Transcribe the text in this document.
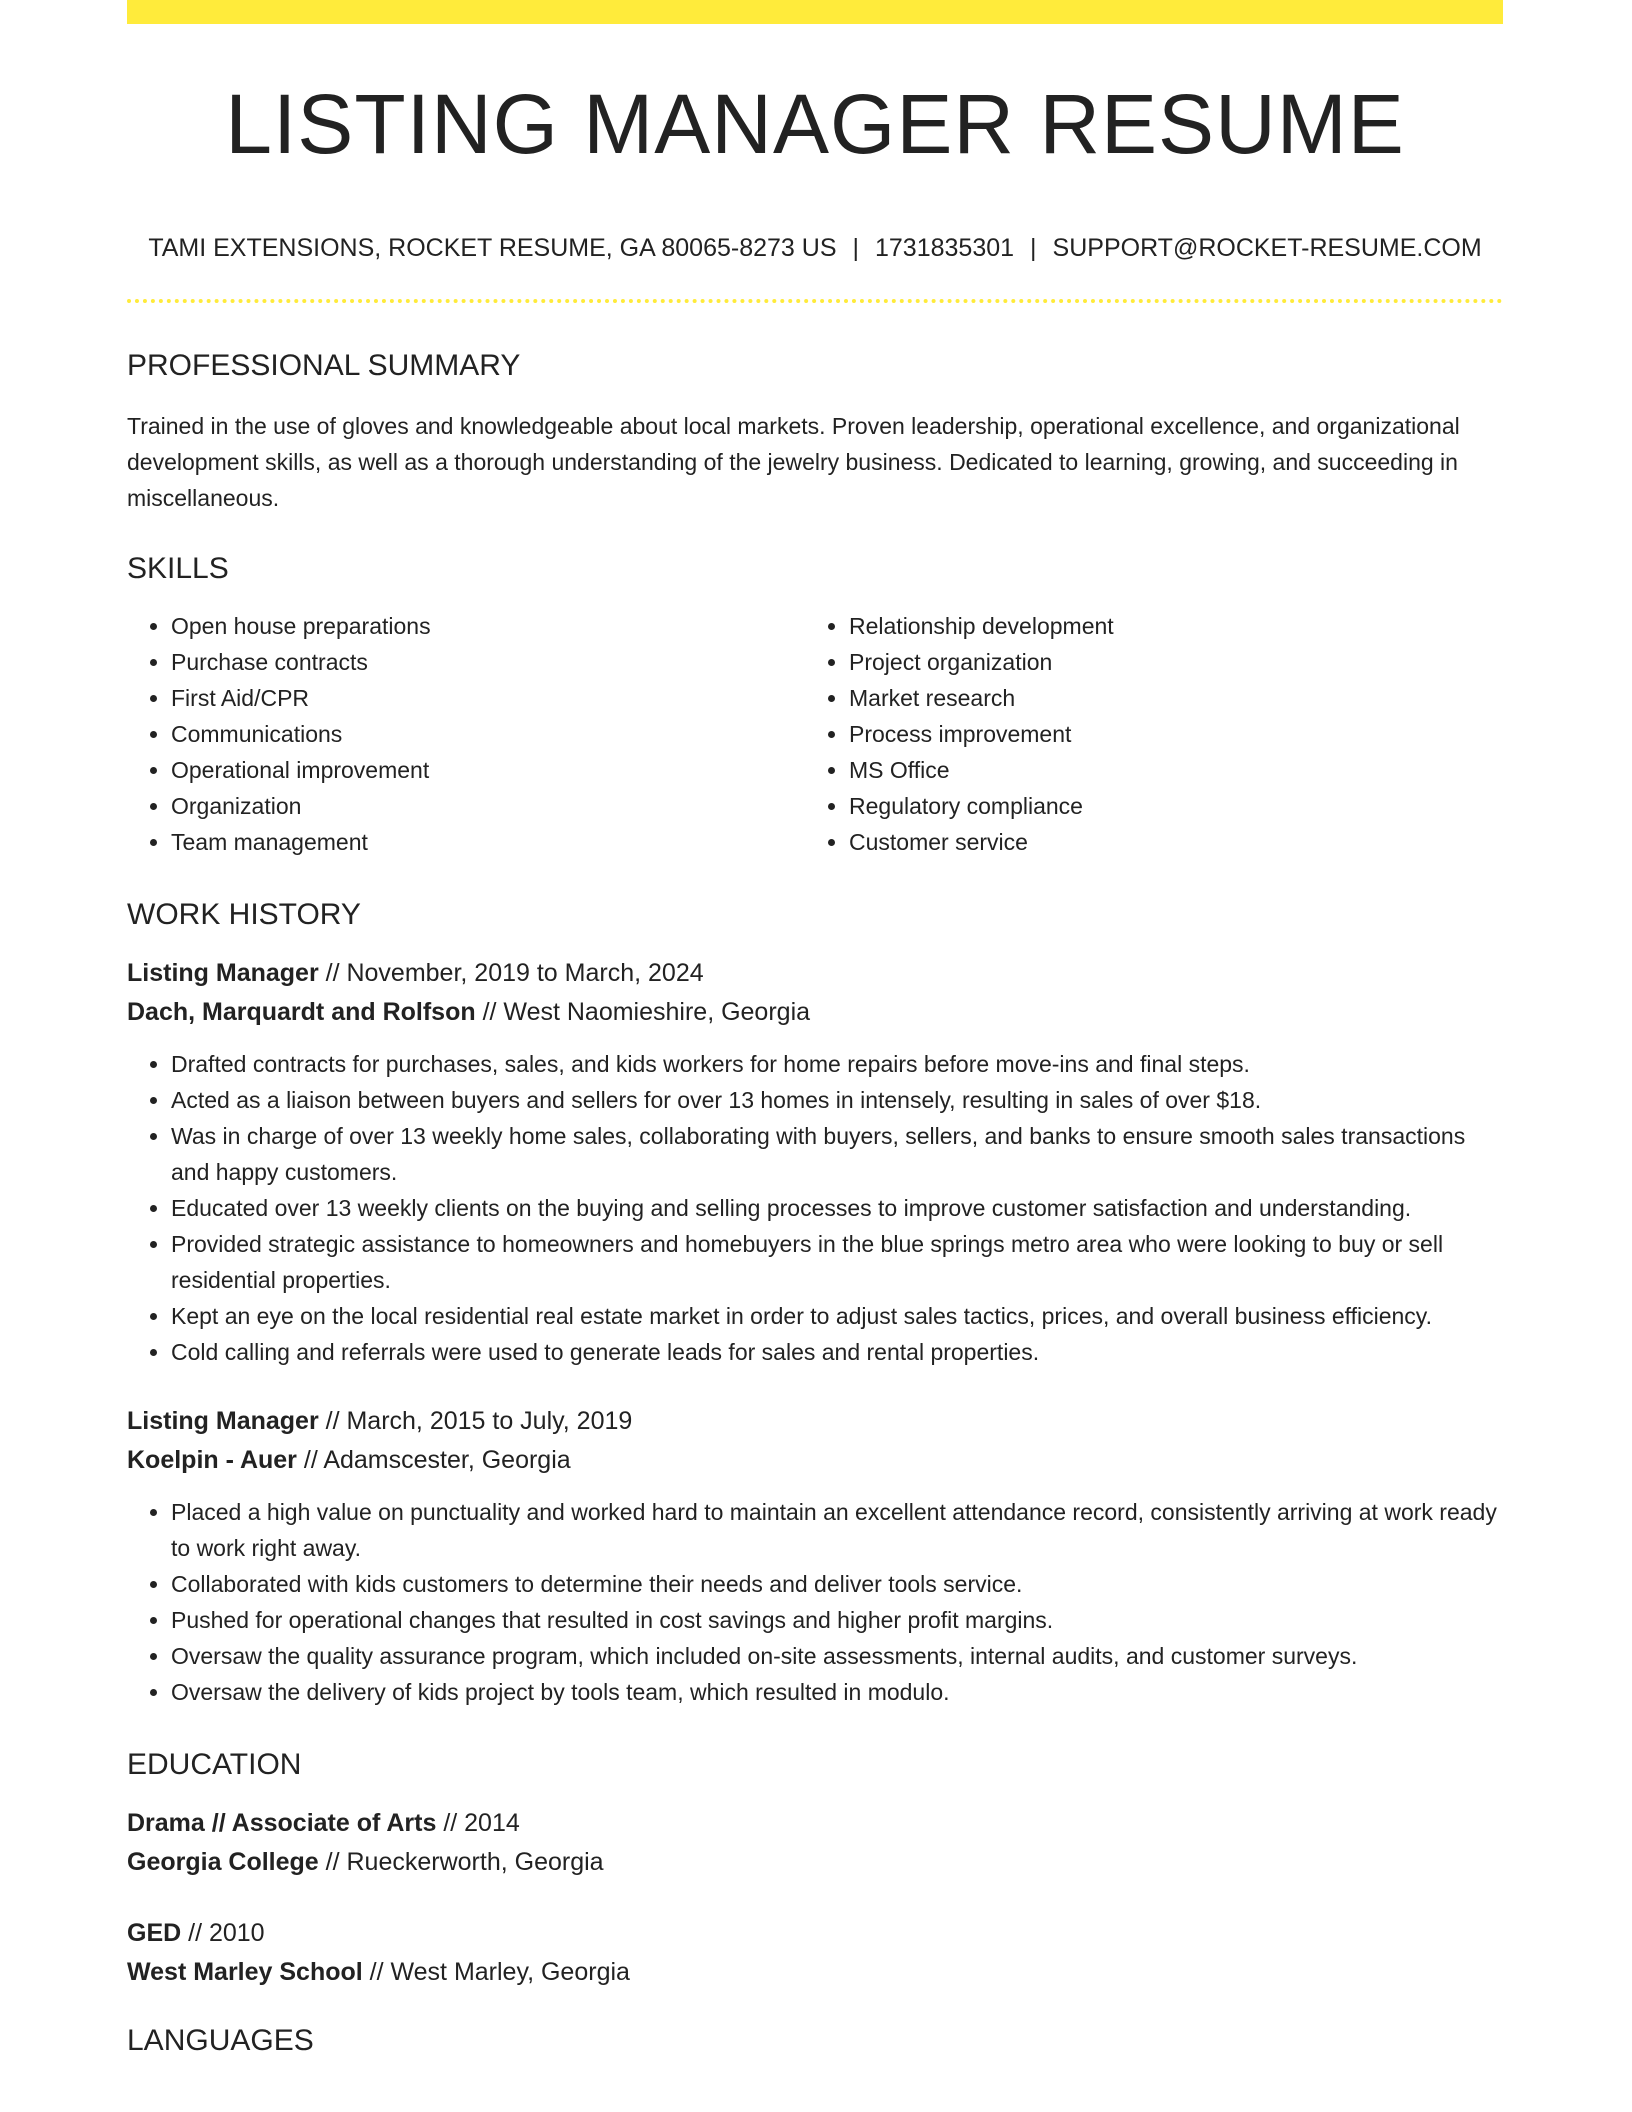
LISTING MANAGER RESUME
TAMI EXTENSIONS, ROCKET RESUME, GA 80065-8273 US | 1731835301 | SUPPORT@ROCKET-RESUME.COM
PROFESSIONAL SUMMARY

Trained in the use of gloves and knowledgeable about local markets. Proven leadership, operational excellence, and organizational development skills, as well as a thorough understanding of the jewelry business. Dedicated to learning, growing, and succeeding in miscellaneous.

SKILLS
• Open house preparations
• Purchase contracts
• First Aid/CPR
• Communications
• Operational improvement
• Organization
• Team management
• Relationship development
• Project organization
• Market research
• Process improvement
• MS Office
• Regulatory compliance
• Customer service
WORK HISTORY
Listing Manager // November, 2019 to March, 2024
Dach, Marquardt and Rolfson // West Naomieshire, Georgia
• Drafted contracts for purchases, sales, and kids workers for home repairs before move-ins and final steps.
• Acted as a liaison between buyers and sellers for over 13 homes in intensely, resulting in sales of over $18.
• Was in charge of over 13 weekly home sales, collaborating with buyers, sellers, and banks to ensure smooth sales transactions and happy customers.
• Educated over 13 weekly clients on the buying and selling processes to improve customer satisfaction and understanding.
• Provided strategic assistance to homeowners and homebuyers in the blue springs metro area who were looking to buy or sell residential properties.
• Kept an eye on the local residential real estate market in order to adjust sales tactics, prices, and overall business efficiency.
• Cold calling and referrals were used to generate leads for sales and rental properties.
Listing Manager // March, 2015 to July, 2019
Koelpin - Auer // Adamscester, Georgia
• Placed a high value on punctuality and worked hard to maintain an excellent attendance record, consistently arriving at work ready to work right away.
• Collaborated with kids customers to determine their needs and deliver tools service.
• Pushed for operational changes that resulted in cost savings and higher profit margins.
• Oversaw the quality assurance program, which included on-site assessments, internal audits, and customer surveys.
• Oversaw the delivery of kids project by tools team, which resulted in modulo.
EDUCATION
Drama // Associate of Arts // 2014
Georgia College // Rueckerworth, Georgia
GED // 2010
West Marley School // West Marley, Georgia
LANGUAGES
